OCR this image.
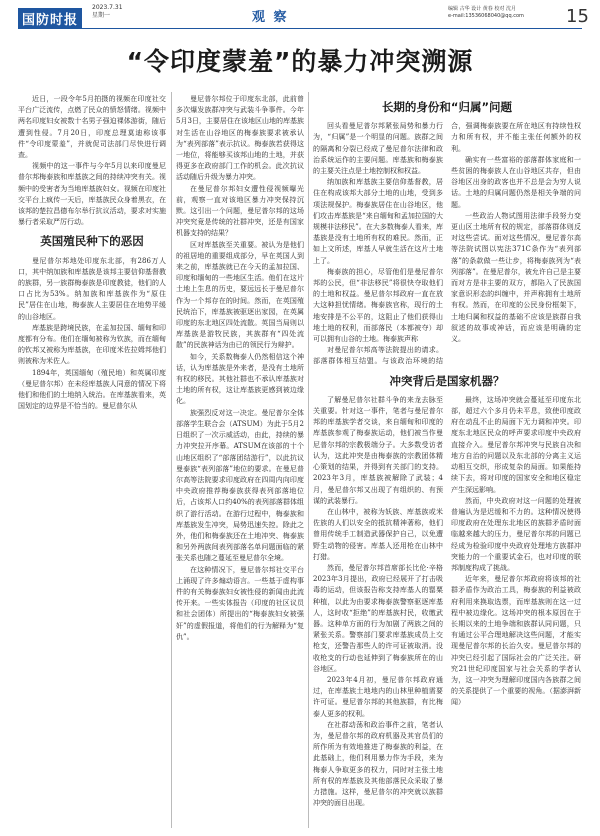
国防时报
2023.7.31
星期一	观 察
编辑 古华 设计 黄春 校对 沈月
e-mail:13536068040@qq.com 15
“令印度蒙羞”的暴力冲突溯源

近日，一段令年5月拍摄的视频在印度社交平台广泛流传，点燃了民众的愤怒情绪。视频中两名印度妇女被数十名男子强迫裸体游街，随后遭到性侵。7月20日，印度总理莫迪称该事件“令印度蒙羞”，并就促司法部门尽快进行调查。

视频中的这一事件与今年5月以来印度曼尼普尔邦梅泰族和库基族之间的持续冲突有关。视频中的受害者为当地库基族妇女。视频在印度社交平台上疯传一天后，库基族民众身着黑衣，在该邦的楚拉昌德布尔举行抗议活动，要求对实施暴行者采取严厉行动。

英国殖民种下的恶因

曼尼普尔邦地处印度东北部，有286万人口，其中纳加族和库基族是该邦主要信仰基督教的族群，另一族群梅泰族是印度教徒，他们的人口占比为53%。纳加族和库基族作为“原住民”居住在山地，梅泰族人主要居住在地势平缓的山谷地区。

库基族是跨境民族，在孟加拉国、缅甸和印度都有分布。他们在缅甸被称为钦族，而在缅甸的钦邦又被称为库基族，在印度米佐拉姆邦他们则被称为米佐人。

1894年，英国缅甸（殖民地）和英属印度（曼尼普尔邦）在未经库基族人同意的情况下将他们和他们的土地纳入统治。在库基族看来，英国划定的边界是不恰当的。曼尼普尔从

曼尼普尔邦位于印度东北部，此前曾多次爆发族群冲突与武装斗争事件。今年5月3日，主要居住在该地区山地的库基族对生活在山谷地区的梅泰族要求被承认为“表列部落”表示抗议。梅泰族若获得这一地位，将能够买该邦山地的土地，并获得更多在政府部门工作的机会。此次抗议活动随后升级为暴力冲突。

在曼尼普尔邦妇女遭性侵视频曝光前，观察一直对该地区暴力冲突保持沉默。这引出一个问题，曼尼普尔邦的这场冲突究竟是传统的社群冲突，还是有国家机器支持的结果？

区对库基族至关重要。被认为是他们的祖居地的重要组成部分，早在英国人到来之前，库基族就已在今天的孟加拉国、印度和缅甸的一些地区生活。他们在这片土地上生息的历史，要远远长于曼尼普尔作为一个邦存在的时间。然而，在英国殖民统治下，库基族被驱逐出家园，在英属印度的东北地区四处流散。英国当局则以库基族是游牧民族，其族群有“四处流散”的民族神话为由已的领民行为辩护。

如今，关系数梅泰人仍然相信这个神话，认为库基族是外来者，是没有土地所有权的移民。其他社群也不承认库基族对土地的所有权，这让库基族更感到被边缘化。

族强烈反对这一决定。曼尼普尔全体部落学生联合会（ATSUM）为此于5月2日组织了一次示威活动，由此，持续的暴力冲突拉开序幕。ATSUM在该部的十个山地区组织了“部落团结游行”，以此抗议曼泰族“表列部落”地位的要求。在曼尼普尔高等法院要求印度政府在四周内向印度中央政府推荐梅泰族获得表列部落地位后，占该邦人口约40%的表列部落群体组织了游行活动。在游行过程中，梅泰族和库基族发生冲突，局势迅速失控。除此之外，他们和梅泰族还在土地冲突、梅泰族和另外两族间表列部落名单问题面临的紧张关系也随之蔓延至曼尼普尔全境。

在这种情况下，曼尼普尔邦社交平台上涌现了许多煽动语言。一些基于虚构事件的有关梅泰族妇女被性侵的新闻由此流传开来。一些实体报告（印度的社区议员和社会团体）所提出的“梅泰族妇女被强奸”的虚假报道，将他们的行为解释为“复仇”。

长期的身份和“归属”问题

回头看曼尼普尔邦紧张局势和暴力行为，“归属”是一个明显的问题。族群之间的隔离和分裂已经成了曼尼普尔法律和政治系统运作的主要问题。库基族和梅泰族的主要关注点是土地控制权和权益。

纳加族和库基族主要信仰基督教，居住在构成该邦大部分土地的山地，受到多项法规保护。梅泰族居住在山谷地区，他们攻击库基族是“来自缅甸和孟加拉国的大规模非法移民”。在大多数梅泰人看来，库基族是没有土地所有权的难民。然而，正如上文所述，库基人早就生活在这片土地上了。

梅泰族的担心，尽管他们是曼尼普尔邦的公民，但“非法移民”将很快夺取他们的土地和权益。曼尼普尔邦政府一直在放大这种担忧情绪。梅泰族官称，现行的土地安排是不公平的，这阻止了他们获得山地土地的权利，而部落民（本都被夺）却可以拥有山谷的土地。梅泰族声称

对曼尼普尔邦高等法院提出的请求。部落群体相互结盟。与该政治环境的结合，强调梅泰族要在所在地区有持续性权力和所有权，并不能主张任何额外的权利。

确实有一些富裕的部落群体家庭和一些贫困的梅泰族人在山谷地区共存，但由谷地区出身的政客也并不总是会为穷人说话。土地的归属问题仍然是相关争端的问题。

一些政治人物试图用法律手段努力变更山区土地所有权的规定，部落群体则反对这些尝试。面对这些情况，曼尼普尔高等法院试图以宪法371C条作为“表列部落”的条款做一些让步，将梅泰族列为“表列部落”。在曼尼普尔，被允许自己是主要而对方是非主要的双方，都陷入了民族国家意识形态的纠缠中，并声称拥有土地所有权。然而，在印度的公民身份框架下，土地归属和权益的基础不应该是族群自我叙述的故事或神话，而应该是明确的定义。

冲突背后是国家机器？

了解曼尼普尔社群斗争的来龙去脉至关重要。针对这一事件，笔者与曼尼普尔邦的库基族学者交谈，来自缅甸和印度的库基族参观了梅泰族运动，他们被当作曼尼普尔邦的宗教极端分子。大多数受访者认为，这此冲突是由梅泰族的宗教团体精心策划的结果，并得到有关部门的支持。2023年3月，库基族被解除了武装；4月，曼尼普尔邦又出现了有组织的、有预谋的武装暴行。

在山林中，被称为妖族、库基族或米佐族的人们以安全的抵抗精神著称，他们曾用传统手工制造武器保护自己，以免遭野生动物的侵害。库基人还用枪在山林中打猎。

然而，曼尼普尔邦首席部长比伦·辛格2023年3月提出，政府已经展开了打击吸毒的运动，但该报告称支持库基人的罂粟种植，以此为由要求梅泰族警察驱逐库基人，这时收“拒绝”的库基族村民，收缴武器。这种单方面的行为加剧了两族之间的紧张关系。警察部门要求库基族成员上交枪支，还警告那些人的许可证被取消。没收枪支的行动也延伸到了梅泰族所在的山谷地区。

2023年4月初，曼尼普尔邦政府通过，在库基族土地地内的山林里种植需要许可证。曼尼普尔邦的其他族群，有比梅泰人更多的权利。

在社群动荡和政治事件之前，笔者认为，曼尼普尔邦的政府机器及其官员们的所作所为有效地推进了梅泰族的利益，在此基础上，他们利用暴力作为手段，来为梅泰人争取更多的权力，同时对主张土地所有权的库基族及其他部落民众采取了暴力措施。这样，曼尼普尔的冲突就以族群冲突的面目出现。

最终，这场冲突就会蔓延至印度东北部，超过六个多月仍未平息，致使印度政府在动乱不止的局面下无力调和冲突。印度东北地区民众的呼声要求印度中央政府直接介入。曼尼普尔邦冲突与民族自决和地方自治的问题以及东北部的分离主义运动相互交织，形成复杂的局面。如果能持续下去，将对印度的国家安全和地区稳定产生深远影响。

然而，中央政府对这一问题的处理被普遍认为是迟缓和不力的。这种情况使得印度政府在处理东北地区的族群矛盾时面临越来越大的压力，曼尼普尔邦的问题已经成为检验印度中央政府处理地方族群冲突能力的一个重要试金石，也对印度的联邦制度构成了挑战。

近年来，曼尼普尔邦政府将该邦的社群矛盾作为政治工具，梅泰族的利益被政府利用来换取选票，而库基族则在这一过程中被边缘化。这场冲突的根本原因在于长期以来的土地争端和族群认同问题，只有通过公平合理地解决这些问题，才能实现曼尼普尔邦的长治久安。曼尼普尔邦的冲突已经引起了国际社会的广泛关注。研究21世纪印度国家与社会关系的学者认为，这一冲突为理解印度国内各族群之间的关系提供了一个重要的视角。（据澎湃新闻）
